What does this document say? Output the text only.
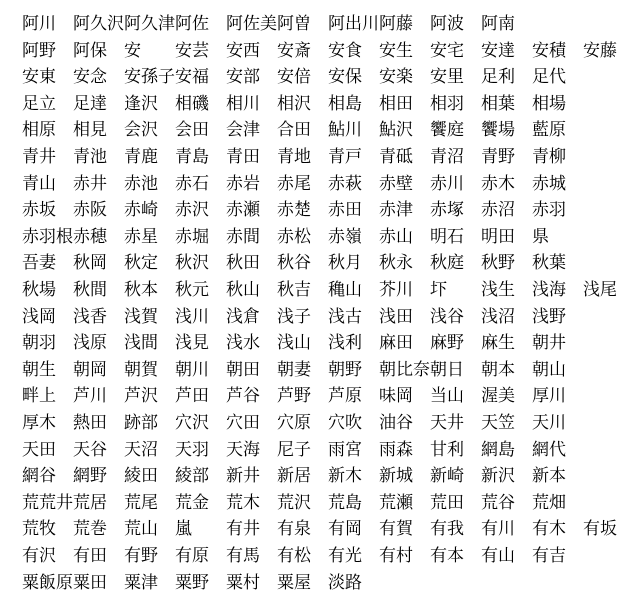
阿川 阿久沢 阿久津 阿佐 阿佐美 阿曽 阿出川 阿藤 阿波 阿南
阿野 阿保 安 安芸 安西 安斎 安食 安生 安宅 安達 安積 安藤
安東 安念 安孫子 安福 安部 安倍 安保 安楽 安里 足利 足代
足立 足達 逢沢 相磯 相川 相沢 相島 相田 相羽 相葉 相場
相原 相見 会沢 会田 会津 合田 鮎川 鮎沢 饗庭 饗場 藍原
青井 青池 青鹿 青島 青田 青地 青戸 青砥 青沼 青野 青柳
青山 赤井 赤池 赤石 赤岩 赤尾 赤萩 赤壁 赤川 赤木 赤城
赤坂 赤阪 赤崎 赤沢 赤瀬 赤楚 赤田 赤津 赤塚 赤沼 赤羽
赤羽根 赤穂 赤星 赤堀 赤間 赤松 赤嶺 赤山 明石 明田 県
吾妻 秋岡 秋定 秋沢 秋田 秋谷 秋月 秋永 秋庭 秋野 秋葉
秋場 秋間 秋本 秋元 秋山 秋吉 穐山 芥川 圷 浅生 浅海 浅尾
浅岡 浅香 浅賀 浅川 浅倉 浅子 浅古 浅田 浅谷 浅沼 浅野
朝羽 浅原 浅間 浅見 浅水 浅山 浅利 麻田 麻野 麻生 朝井
朝生 朝岡 朝賀 朝川 朝田 朝妻 朝野 朝比奈 朝日 朝本 朝山
畔上 芦川 芦沢 芦田 芦谷 芦野 芦原 味岡 当山 渥美 厚川
厚木 熱田 跡部 穴沢 穴田 穴原 穴吹 油谷 天井 天笠 天川
天田 天谷 天沼 天羽 天海 尼子 雨宮 雨森 甘利 網島 網代
網谷 網野 綾田 綾部 新井 新居 新木 新城 新崎 新沢 新本
荒荒井 荒居 荒尾 荒金 荒木 荒沢 荒島 荒瀬 荒田 荒谷 荒畑
荒牧 荒巻 荒山 嵐 有井 有泉 有岡 有賀 有我 有川 有木 有坂
有沢 有田 有野 有原 有馬 有松 有光 有村 有本 有山 有吉
粟飯原 粟田 粟津 粟野 粟村 粟屋 淡路
